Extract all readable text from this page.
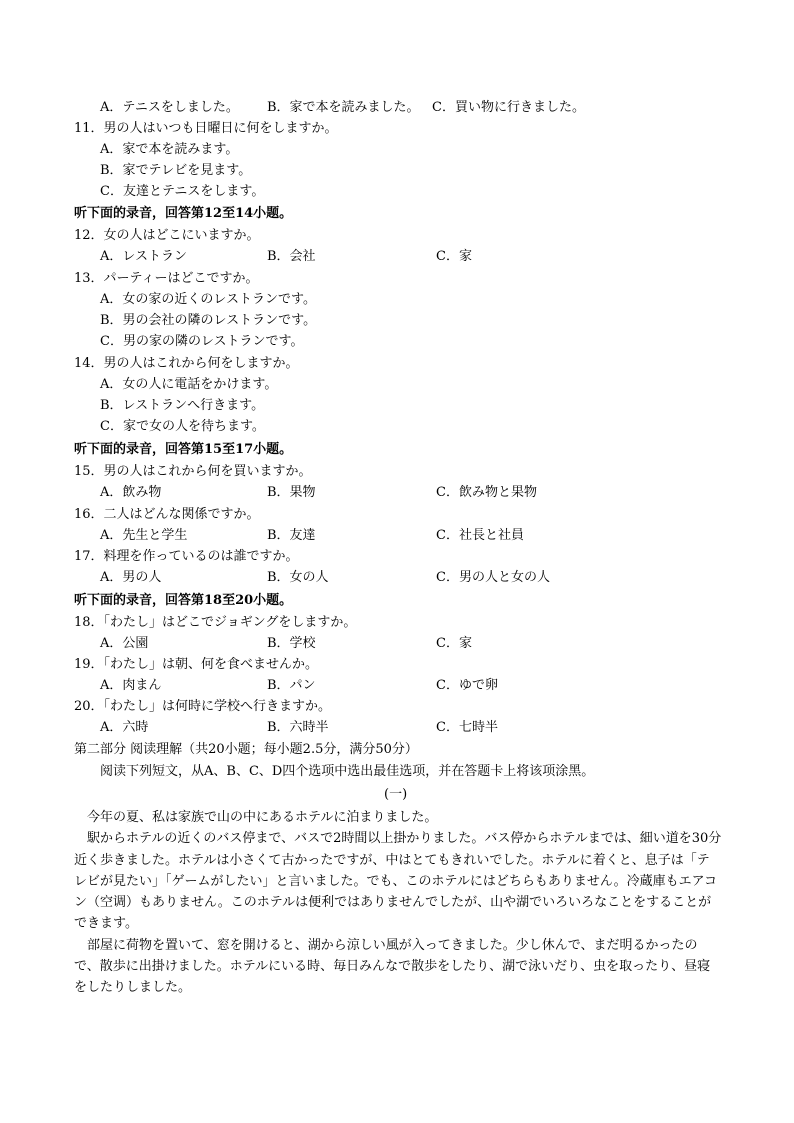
A．テニスをしました。 B．家で本を読みました。 C．買い物に行きました。
11．男の人はいつも日曜日に何をしますか。
A．家で本を読みます。
B．家でテレビを見ます。
C．友達とテニスをします。
听下面的录音，回答第12至14小题。
12．女の人はどこにいますか。
A．レストラン	B．会社	C．家
13．パーティーはどこですか。
A．女の家の近くのレストランです。
B．男の会社の隣のレストランです。
C．男の家の隣のレストランです。
14．男の人はこれから何をしますか。
A．女の人に電話をかけます。
B．レストランへ行きます。
C．家で女の人を待ちます。
听下面的录音，回答第15至17小题。
15．男の人はこれから何を買いますか。
A．飲み物	B．果物	C．飲み物と果物
16．二人はどんな関係ですか。
A．先生と学生	B．友達	C．社長と社員
17．料理を作っているのは誰ですか。
A．男の人	B．女の人	C．男の人と女の人
听下面的录音，回答第18至20小题。
18．「わたし」はどこでジョギングをしますか。
A．公園	B．学校	C．家
19．「わたし」は朝、何を食べませんか。
A．肉まん	B．パン	C．ゆで卵
20．「わたし」は何時に学校へ行きますか。
A．六時	B．六時半	C．七時半
第二部分 阅读理解（共20小题；每小题2.5分，满分50分）
阅读下列短文，从A、B、C、D四个选项中选出最佳选项，并在答题卡上将该项涂黑。
(一)

今年の夏、私は家族で山の中にあるホテルに泊まりました。

駅からホテルの近くのバス停まで、バスで2時間以上掛かりました。バス停からホテルまでは、細い道を30分近く歩きました。ホテルは小さくて古かったですが、中はとてもきれいでした。ホテルに着くと、息子は「テレビが見たい」「ゲームがしたい」と言いました。でも、このホテルにはどちらもありません。冷蔵庫もエアコン（空调）もありません。このホテルは便利ではありませんでしたが、山や湖でいろいろなことをすることができます。

部屋に荷物を置いて、窓を開けると、湖から涼しい風が入ってきました。少し休んで、まだ明るかったので、散歩に出掛けました。ホテルにいる時、毎日みんなで散歩をしたり、湖で泳いだり、虫を取ったり、昼寝をしたりしました。
